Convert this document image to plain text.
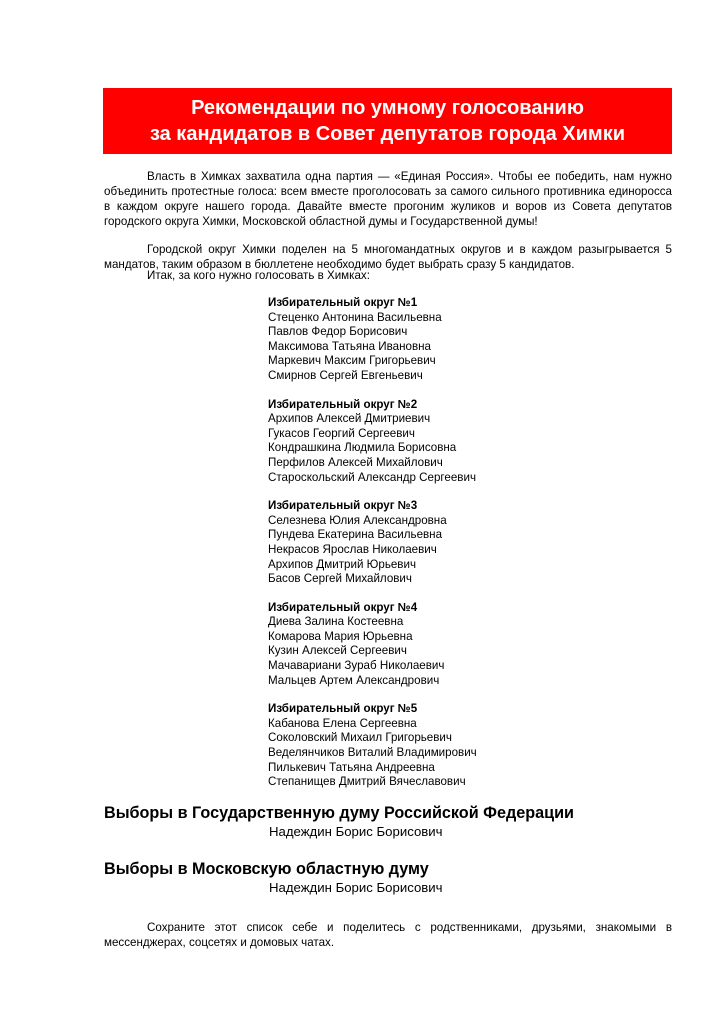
Рекомендации по умному голосованию
за кандидатов в Совет депутатов города Химки
Власть в Химках захватила одна партия — «Единая Россия». Чтобы ее победить, нам нужно объединить протестные голоса: всем вместе проголосовать за самого сильного противника единоросса в каждом округе нашего города. Давайте вместе прогоним жуликов и воров из Совета депутатов городского округа Химки, Московской областной думы и Государственной думы!
Городской округ Химки поделен на 5 многомандатных округов и в каждом разыгрывается 5 мандатов, таким образом в бюллетене необходимо будет выбрать сразу 5 кандидатов.
Итак, за кого нужно голосовать в Химках:
Избирательный округ №1
Стеценко Антонина Васильевна
Павлов Федор Борисович
Максимова Татьяна Ивановна
Маркевич Максим Григорьевич
Смирнов Сергей Евгеньевич
Избирательный округ №2
Архипов Алексей Дмитриевич
Гукасов Георгий Сергеевич
Кондрашкина Людмила Борисовна
Перфилов Алексей Михайлович
Староскольский Александр Сергеевич
Избирательный округ №3
Селезнева Юлия Александровна
Пундева Екатерина Васильевна
Некрасов Ярослав Николаевич
Архипов Дмитрий Юрьевич
Басов Сергей Михайлович
Избирательный округ №4
Диева Залина Костеевна
Комарова Мария Юрьевна
Кузин Алексей Сергеевич
Мачавариани Зураб Николаевич
Мальцев Артем Александрович
Избирательный округ №5
Кабанова Елена Сергеевна
Соколовский Михаил Григорьевич
Веделянчиков Виталий Владимирович
Пилькевич Татьяна Андреевна
Степанищев Дмитрий Вячеславович
Выборы в Государственную думу Российской Федерации
Надеждин Борис Борисович
Выборы в Московскую областную думу
Надеждин Борис Борисович
Сохраните этот список себе и поделитесь с родственниками, друзьями, знакомыми в мессенджерах, соцсетях и домовых чатах.
